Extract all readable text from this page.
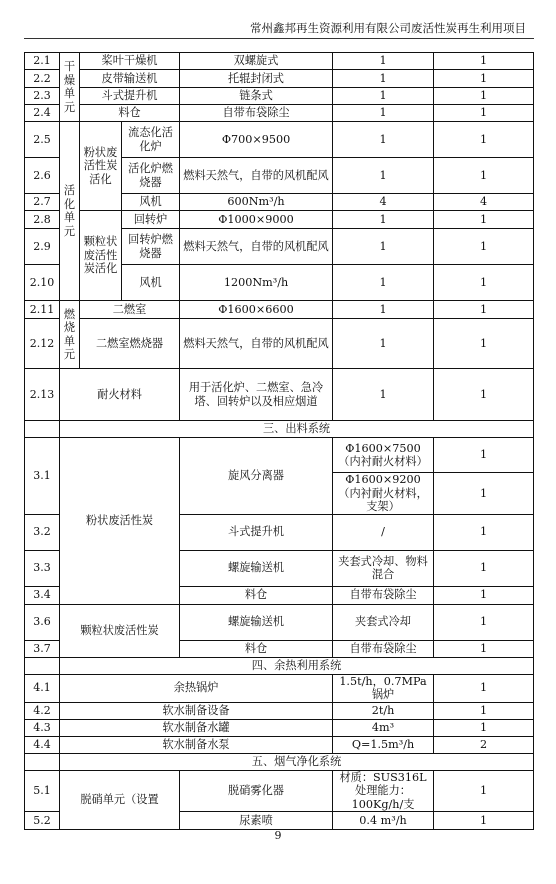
常州鑫邦再生资源利用有限公司废活性炭再生利用项目
2.1	干燥单元	桨叶干燥机		双螺旋式	1	1	
2.2		皮带输送机		托辊封闭式	1	1	
2.3		斗式提升机		链条式	1	1	
2.4		料仓		自带布袋除尘	1	1	
2.5	活化单元	粉状废活性炭活化	流态化活化炉	Φ700×9500	1	1	
2.6			活化炉燃烧器	燃料天然气，自带的风机配风	1	1	
2.7			风机	600Nm³/h	4	4	
2.8		颗粒状废活性炭活化	回转炉	Φ1000×9000	1	1	
2.9			回转炉燃烧器	燃料天然气，自带的风机配风	1	1	
2.10			风机	1200Nm³/h	1	1	
2.11	燃烧单元	二燃室		Φ1600×6600	1	1	
2.12		二燃室燃烧器		燃料天然气，自带的风机配风	1	1	
2.13	耐火材料			用于活化炉、二燃室、急冷塔、回转炉以及相应烟道	1	1	
	三、出料系统						
3.1	粉状废活性炭			旋风分离器	Φ1600×7500（内衬耐火材料）	1	
					Φ1600×9200（内衬耐火材料，支架）	1	
3.2				斗式提升机	/	1	
3.3				螺旋输送机	夹套式冷却、物料混合	1	
3.4				料仓	自带布袋除尘	1	
3.6	颗粒状废活性炭			螺旋输送机	夹套式冷却	1	
3.7				料仓	自带布袋除尘	1	
	四、余热利用系统						
4.1	余热锅炉				1.5t/h，0.7MPa 锅炉	1	
4.2	软水制备设备				2t/h	1	
4.3	软水制备水罐				4m³	1	
4.4	软水制备水泵				Q=1.5m³/h	2	
	五、烟气净化系统						
5.1	脱硝单元（设置			脱硝雾化器	材质：SUS316L　 处理能力：100Kg/h/支	1	
5.2				尿素喷	0.4 m³/h	1	
9
